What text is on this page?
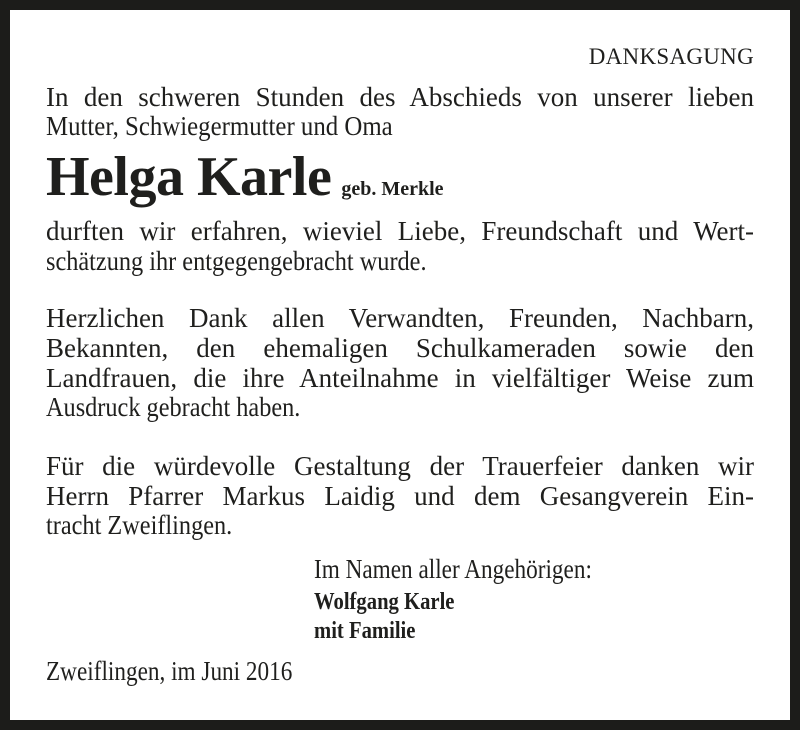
DANKSAGUNG
In den schweren Stunden des Abschieds von unserer lieben
Mutter, Schwiegermutter und Oma
Helga Karle geb. Merkle
durften wir erfahren, wieviel Liebe, Freundschaft und Wert-
schätzung ihr entgegengebracht wurde.
Herzlichen Dank allen Verwandten, Freunden, Nachbarn,
Bekannten, den ehemaligen Schulkameraden sowie den
Landfrauen, die ihre Anteilnahme in vielfältiger Weise zum
Ausdruck gebracht haben.
Für die würdevolle Gestaltung der Trauerfeier danken wir
Herrn Pfarrer Markus Laidig und dem Gesangverein Ein-
tracht Zweiflingen.
Im Namen aller Angehörigen:
Wolfgang Karle
mit Familie
Zweiflingen, im Juni 2016
